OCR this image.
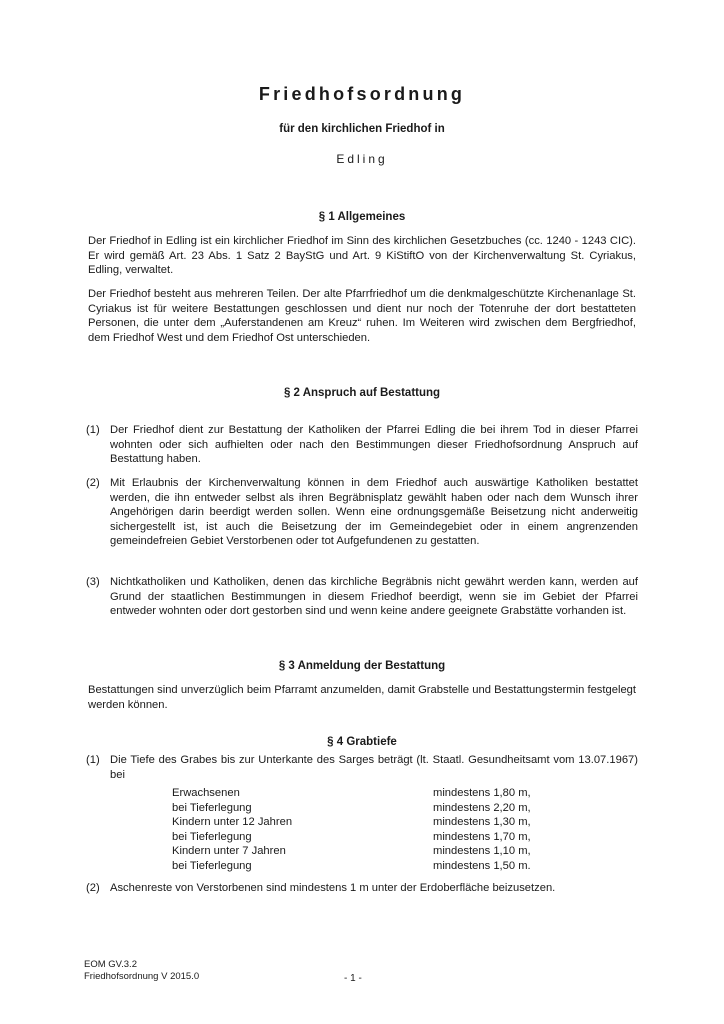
Friedhofsordnung
für den kirchlichen Friedhof in
Edling
§ 1 Allgemeines
Der Friedhof in Edling ist ein kirchlicher Friedhof im Sinn des kirchlichen Gesetzbuches (cc. 1240 - 1243 CIC). Er wird gemäß Art. 23 Abs. 1 Satz 2 BayStG und Art. 9 KiStiftO von der Kirchenverwaltung St. Cyriakus, Edling, verwaltet.
Der Friedhof besteht aus mehreren Teilen. Der alte Pfarrfriedhof um die denkmalgeschützte Kirchenanlage St. Cyriakus ist für weitere Bestattungen geschlossen und dient nur noch der Totenruhe der dort bestatteten Personen, die unter dem „Auferstandenen am Kreuz“ ruhen. Im Weiteren wird zwischen dem Bergfriedhof, dem Friedhof West und dem Friedhof Ost unterschieden.
§ 2 Anspruch auf Bestattung
(1) Der Friedhof dient zur Bestattung der Katholiken der Pfarrei Edling die bei ihrem Tod in dieser Pfarrei wohnten oder sich aufhielten oder nach den Bestimmungen dieser Friedhofsordnung Anspruch auf Bestattung haben.
(2) Mit Erlaubnis der Kirchenverwaltung können in dem Friedhof auch auswärtige Katholiken bestattet werden, die ihn entweder selbst als ihren Begräbnisplatz gewählt haben oder nach dem Wunsch ihrer Angehörigen darin beerdigt werden sollen. Wenn eine ordnungsgemäße Beisetzung nicht anderweitig sichergestellt ist, ist auch die Beisetzung der im Gemeindegebiet oder in einem angrenzenden gemeindefreien Gebiet Verstorbenen oder tot Aufgefundenen zu gestatten.
(3) Nichtkatholiken und Katholiken, denen das kirchliche Begräbnis nicht gewährt werden kann, werden auf Grund der staatlichen Bestimmungen in diesem Friedhof beerdigt, wenn sie im Gebiet der Pfarrei entweder wohnten oder dort gestorben sind und wenn keine andere geeignete Grabstätte vorhanden ist.
§ 3 Anmeldung der Bestattung
Bestattungen sind unverzüglich beim Pfarramt anzumelden, damit Grabstelle und Bestattungstermin festgelegt werden können.
§ 4 Grabtiefe
(1) Die Tiefe des Grabes bis zur Unterkante des Sarges beträgt (lt. Staatl. Gesundheitsamt vom 13.07.1967) bei
Erwachsenen	mindestens 1,80 m,
bei Tieferlegung	mindestens 2,20 m,
Kindern unter 12 Jahren	mindestens 1,30 m,
bei Tieferlegung	mindestens 1,70 m,
Kindern unter 7 Jahren	mindestens 1,10 m,
bei Tieferlegung	mindestens 1,50 m.
(2) Aschenreste von Verstorbenen sind mindestens 1 m unter der Erdoberfläche beizusetzen.
EOM GV.3.2
Friedhofsordnung V 2015.0	- 1 -
